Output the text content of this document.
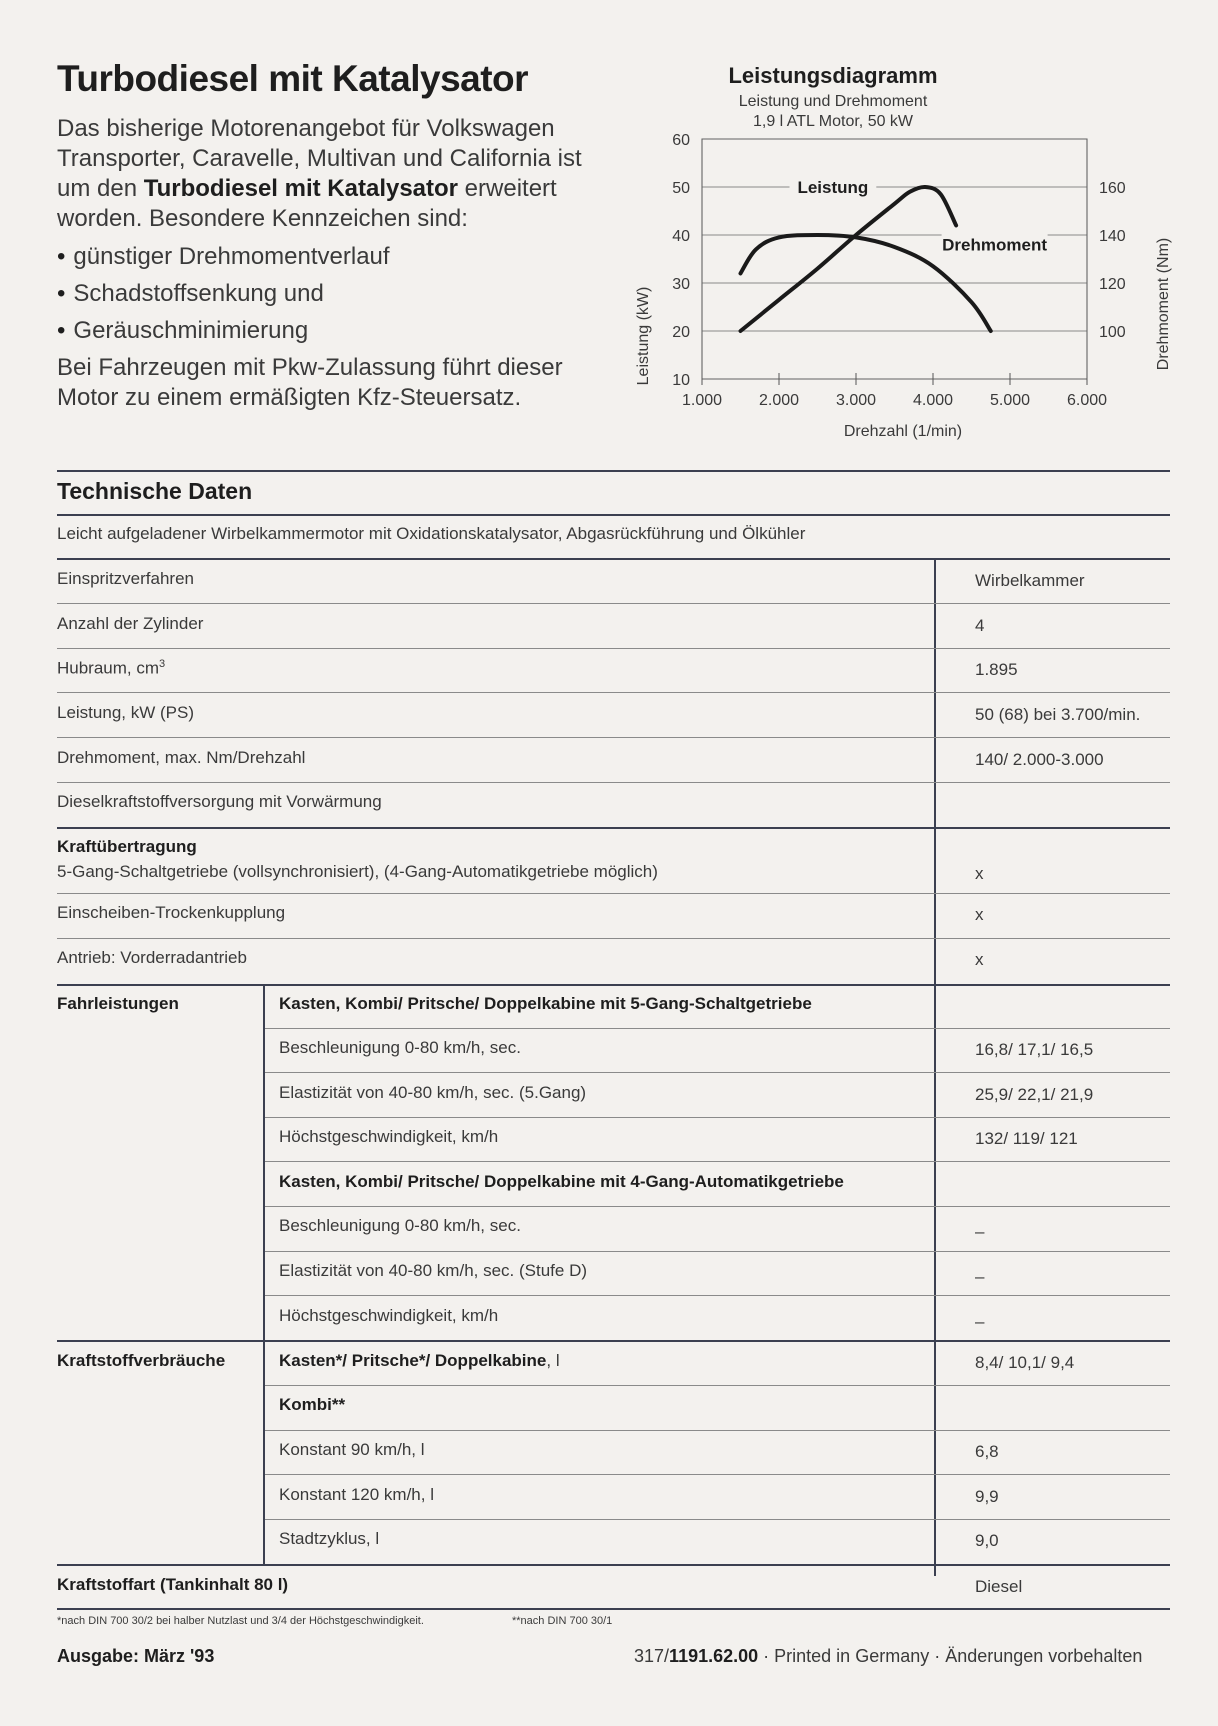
Turbodiesel mit Katalysator

Das bisherige Motorenangebot für Volkswagen Transporter, Caravelle, Multivan und California ist um den Turbodiesel mit Katalysator erweitert worden. Besondere Kennzeichen sind:

• günstiger Drehmomentverlauf
• Schadstoffsenkung und
• Geräuschminimierung

Bei Fahrzeugen mit Pkw-Zulassung führt dieser Motor zu einem ermäßigten Kfz-Steuersatz.

Leistungsdiagramm
Leistung und Drehmoment
1,9 l ATL Motor, 50 kW
1.000 2.000 3.000 4.000 5.000 6.000
10
20
30
40
50
60
100
120
140
160
Leistung
Drehmoment
Drehzahl (1/min)
Leistung (kW)	Drehmoment (Nm)
Technische Daten
Leicht aufgeladener Wirbelkammermotor mit Oxidationskatalysator, Abgasrückführung und Ölkühler
Einspritzverfahren	Wirbelkammer
Anzahl der Zylinder	4
Hubraum, $cm^3$	1.895
Leistung, kW (PS)	50 (68) bei 3.700/min.
Drehmoment, max. Nm/Drehzahl	140/ 2.000-3.000
Dieselkraftstoffversorgung mit Vorwärmung
Kraftübertragung
5-Gang-Schaltgetriebe (vollsynchronisiert), (4-Gang-Automatikgetriebe möglich)	x
Einscheiben-Trockenkupplung	x
Antrieb: Vorderradantrieb	x
Fahrleistungen	Kasten, Kombi/ Pritsche/ Doppelkabine mit 5-Gang-Schaltgetriebe
Beschleunigung 0-80 km/h, sec.	16,8/ 17,1/ 16,5
Elastizität von 40-80 km/h, sec. (5.Gang)	25,9/ 22,1/ 21,9
Höchstgeschwindigkeit, km/h	132/ 119/ 121
Kasten, Kombi/ Pritsche/ Doppelkabine mit 4-Gang-Automatikgetriebe
Beschleunigung 0-80 km/h, sec.	–
Elastizität von 40-80 km/h, sec. (Stufe D)	–
Höchstgeschwindigkeit, km/h	–
Kraftstoffverbräuche	Kasten*/ Pritsche*/ Doppelkabine, l	8,4/ 10,1/ 9,4
Kombi**
Konstant 90 km/h, l	6,8
Konstant 120 km/h, l	9,9
Stadtzyklus, l	9,0
Kraftstoffart (Tankinhalt 80 l)	Diesel
*nach DIN 700 30/2 bei halber Nutzlast und 3/4 der Höchstgeschwindigkeit.	**nach DIN 700 30/1
Ausgabe: März '93	317/1191.62.00 · Printed in Germany · Änderungen vorbehalten
